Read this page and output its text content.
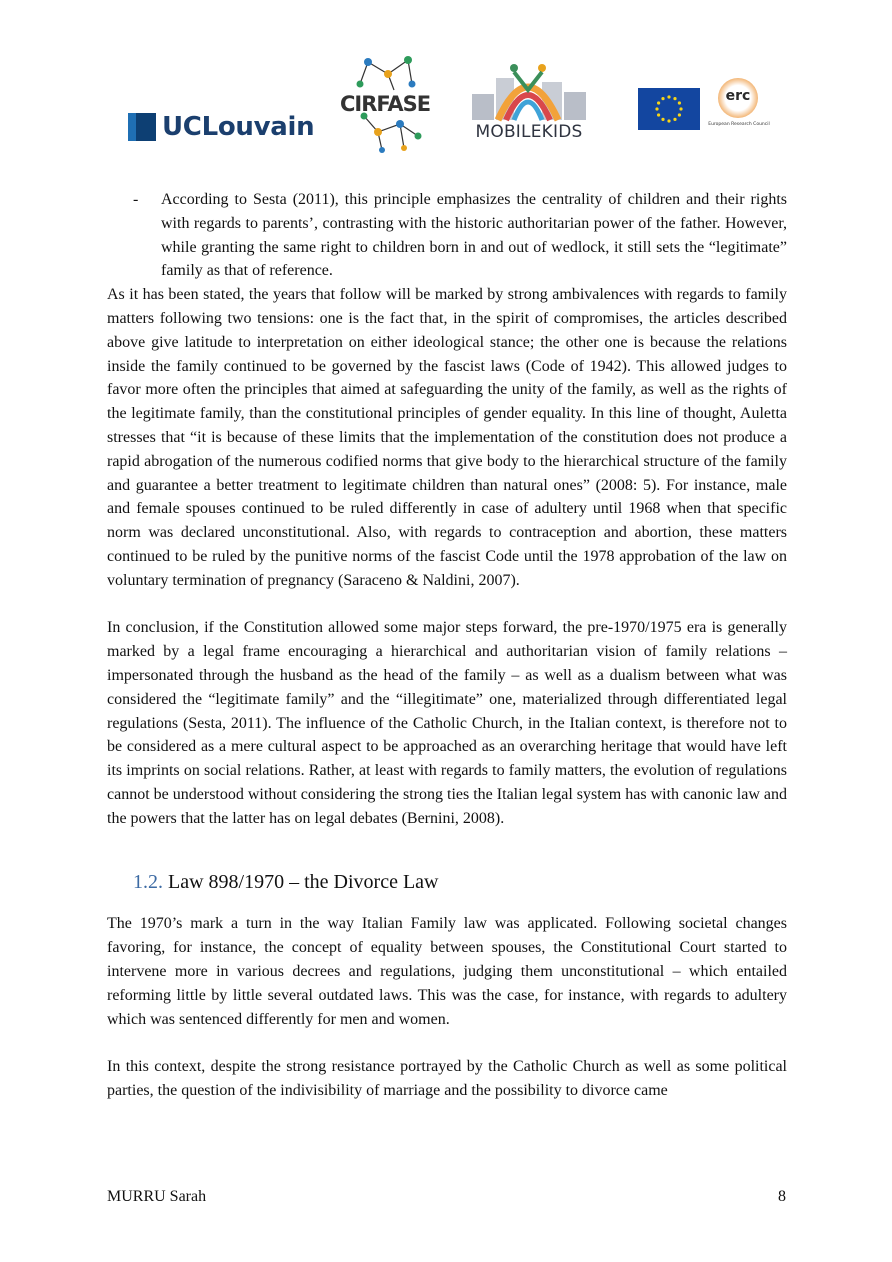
UCLouvain
CIRFASE
MOBILEKIDS
erc
European Research Council
- According to Sesta (2011), this principle emphasizes the centrality of children and their rights with regards to parents’, contrasting with the historic authoritarian power of the father. However, while granting the same right to children born in and out of wedlock, it still sets the “legitimate” family as that of reference.

As it has been stated, the years that follow will be marked by strong ambivalences with regards to family matters following two tensions: one is the fact that, in the spirit of compromises, the articles described above give latitude to interpretation on either ideological stance; the other one is because the relations inside the family continued to be governed by the fascist laws (Code of 1942). This allowed judges to favor more often the principles that aimed at safeguarding the unity of the family, as well as the rights of the legitimate family, than the constitutional principles of gender equality. In this line of thought, Auletta stresses that “it is because of these limits that the implementation of the constitution does not produce a rapid abrogation of the numerous codified norms that give body to the hierarchical structure of the family and guarantee a better treatment to legitimate children than natural ones” (2008: 5). For instance, male and female spouses continued to be ruled differently in case of adultery until 1968 when that specific norm was declared unconstitutional. Also, with regards to contraception and abortion, these matters continued to be ruled by the punitive norms of the fascist Code until the 1978 approbation of the law on voluntary termination of pregnancy (Saraceno & Naldini, 2007).

In conclusion, if the Constitution allowed some major steps forward, the pre-1970/1975 era is generally marked by a legal frame encouraging a hierarchical and authoritarian vision of family relations – impersonated through the husband as the head of the family – as well as a dualism between what was considered the “legitimate family” and the “illegitimate” one, materialized through differentiated legal regulations (Sesta, 2011). The influence of the Catholic Church, in the Italian context, is therefore not to be considered as a mere cultural aspect to be approached as an overarching heritage that would have left its imprints on social relations. Rather, at least with regards to family matters, the evolution of regulations cannot be understood without considering the strong ties the Italian legal system has with canonic law and the powers that the latter has on legal debates (Bernini, 2008).

1.2. Law 898/1970 – the Divorce Law

The 1970’s mark a turn in the way Italian Family law was applicated. Following societal changes favoring, for instance, the concept of equality between spouses, the Constitutional Court started to intervene more in various decrees and regulations, judging them unconstitutional – which entailed reforming little by little several outdated laws. This was the case, for instance, with regards to adultery which was sentenced differently for men and women.

In this context, despite the strong resistance portrayed by the Catholic Church as well as some political parties, the question of the indivisibility of marriage and the possibility to divorce came

MURRU Sarah	8
